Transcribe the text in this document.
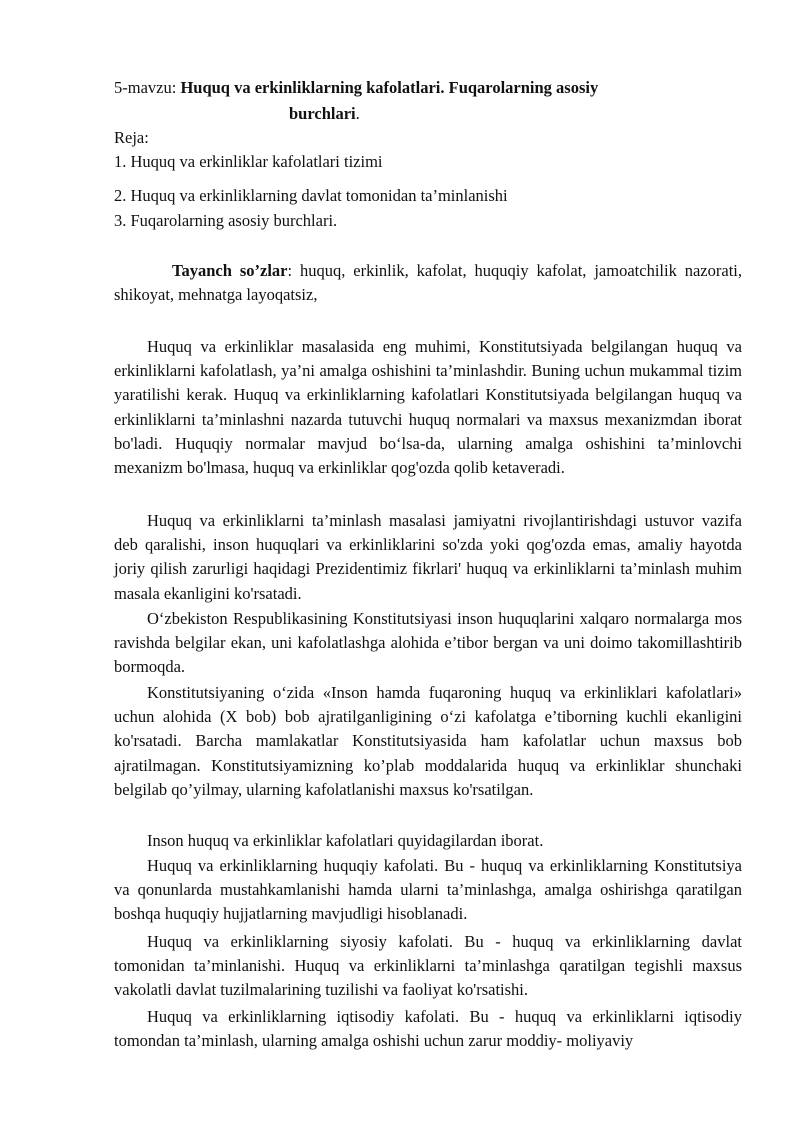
5-mavzu: Huquq va erkinliklarning kafolatlari. Fuqarolarning asosiy
burchlari.
Reja:
1. Huquq va erkinliklar kafolatlari tizimi
2. Huquq va erkinliklarning davlat tomonidan ta’minlanishi
3. Fuqarolarning asosiy burchlari.

Tayanch so’zlar: huquq, erkinlik, kafolat, huquqiy kafolat, jamoatchilik nazorati, shikoyat, mehnatga layoqatsiz,

Huquq va erkinliklar masalasida eng muhimi, Konstitutsiyada belgilangan huquq va erkinliklarni kafolatlash, ya’ni amalga oshishini ta’minlashdir. Buning uchun mukammal tizim yaratilishi kerak. Huquq va erkinliklarning kafolatlari Konstitutsiyada belgilangan huquq va erkinliklarni ta’minlashni nazarda tutuvchi huquq normalari va maxsus mexanizmdan iborat bo'ladi. Huquqiy normalar mavjud bo‘lsa-da, ularning amalga oshishini ta’minlovchi mexanizm bo'lmasa, huquq va erkinliklar qog'ozda qolib ketaveradi.

Huquq va erkinliklarni ta’minlash masalasi jamiyatni rivojlantirishdagi ustuvor vazifa deb qaralishi, inson huquqlari va erkinliklarini so'zda yoki qog'ozda emas, amaliy hayotda joriy qilish zarurligi haqidagi Prezidentimiz fikrlari' huquq va erkinliklarni ta’minlash muhim masala ekanligini ko'rsatadi.

O‘zbekiston Respublikasining Konstitutsiyasi inson huquqlarini xalqaro normalarga mos ravishda belgilar ekan, uni kafolatlashga alohida e’tibor bergan va uni doimo takomillashtirib bormoqda.

Konstitutsiyaning o‘zida «Inson hamda fuqaroning huquq va erkinliklari kafolatlari» uchun alohida (X bob) bob ajratilganligining o‘zi kafolatga e’tiborning kuchli ekanligini ko'rsatadi. Barcha mamlakatlar Konstitutsiyasida ham kafolatlar uchun maxsus bob ajratilmagan. Konstitutsiyamizning ko’plab moddalarida huquq va erkinliklar shunchaki belgilab qo’yilmay, ularning kafolatlanishi maxsus ko'rsatilgan.

Inson huquq va erkinliklar kafolatlari quyidagilardan iborat.

Huquq va erkinliklarning huquqiy kafolati. Bu - huquq va erkinliklarning Konstitutsiya va qonunlarda mustahkamlanishi hamda ularni ta’minlashga, amalga oshirishga qaratilgan boshqa huquqiy hujjatlarning mavjudligi hisoblanadi.

Huquq va erkinliklarning siyosiy kafolati. Bu - huquq va erkinliklarning davlat tomonidan ta’minlanishi. Huquq va erkinliklarni ta’minlashga qaratilgan tegishli maxsus vakolatli davlat tuzilmalarining tuzilishi va faoliyat ko'rsatishi.

Huquq va erkinliklarning iqtisodiy kafolati. Bu - huquq va erkinliklarni iqtisodiy tomondan ta’minlash, ularning amalga oshishi uchun zarur moddiy- moliyaviy
